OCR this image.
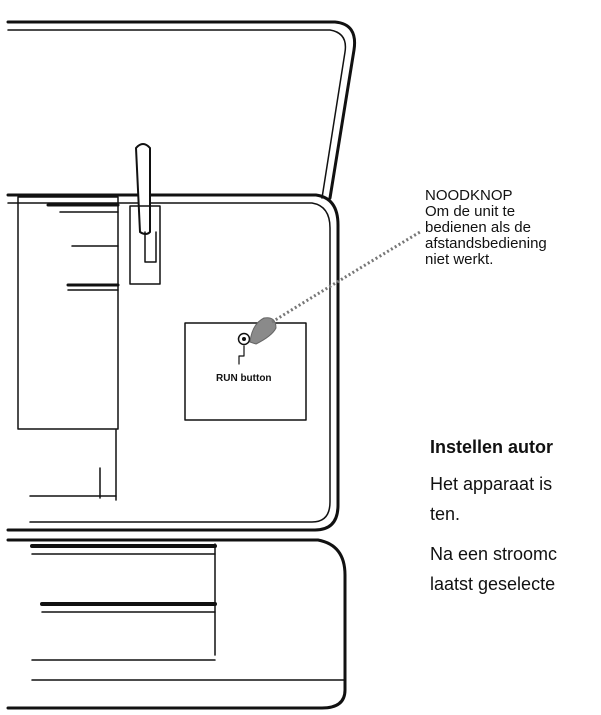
RUN button
NOODKNOP
Om de unit te
bedienen als de
afstandsbediening
niet werkt.
Instellen autor

Het apparaat is
ten.

Na een stroomc
laatst geselecte
